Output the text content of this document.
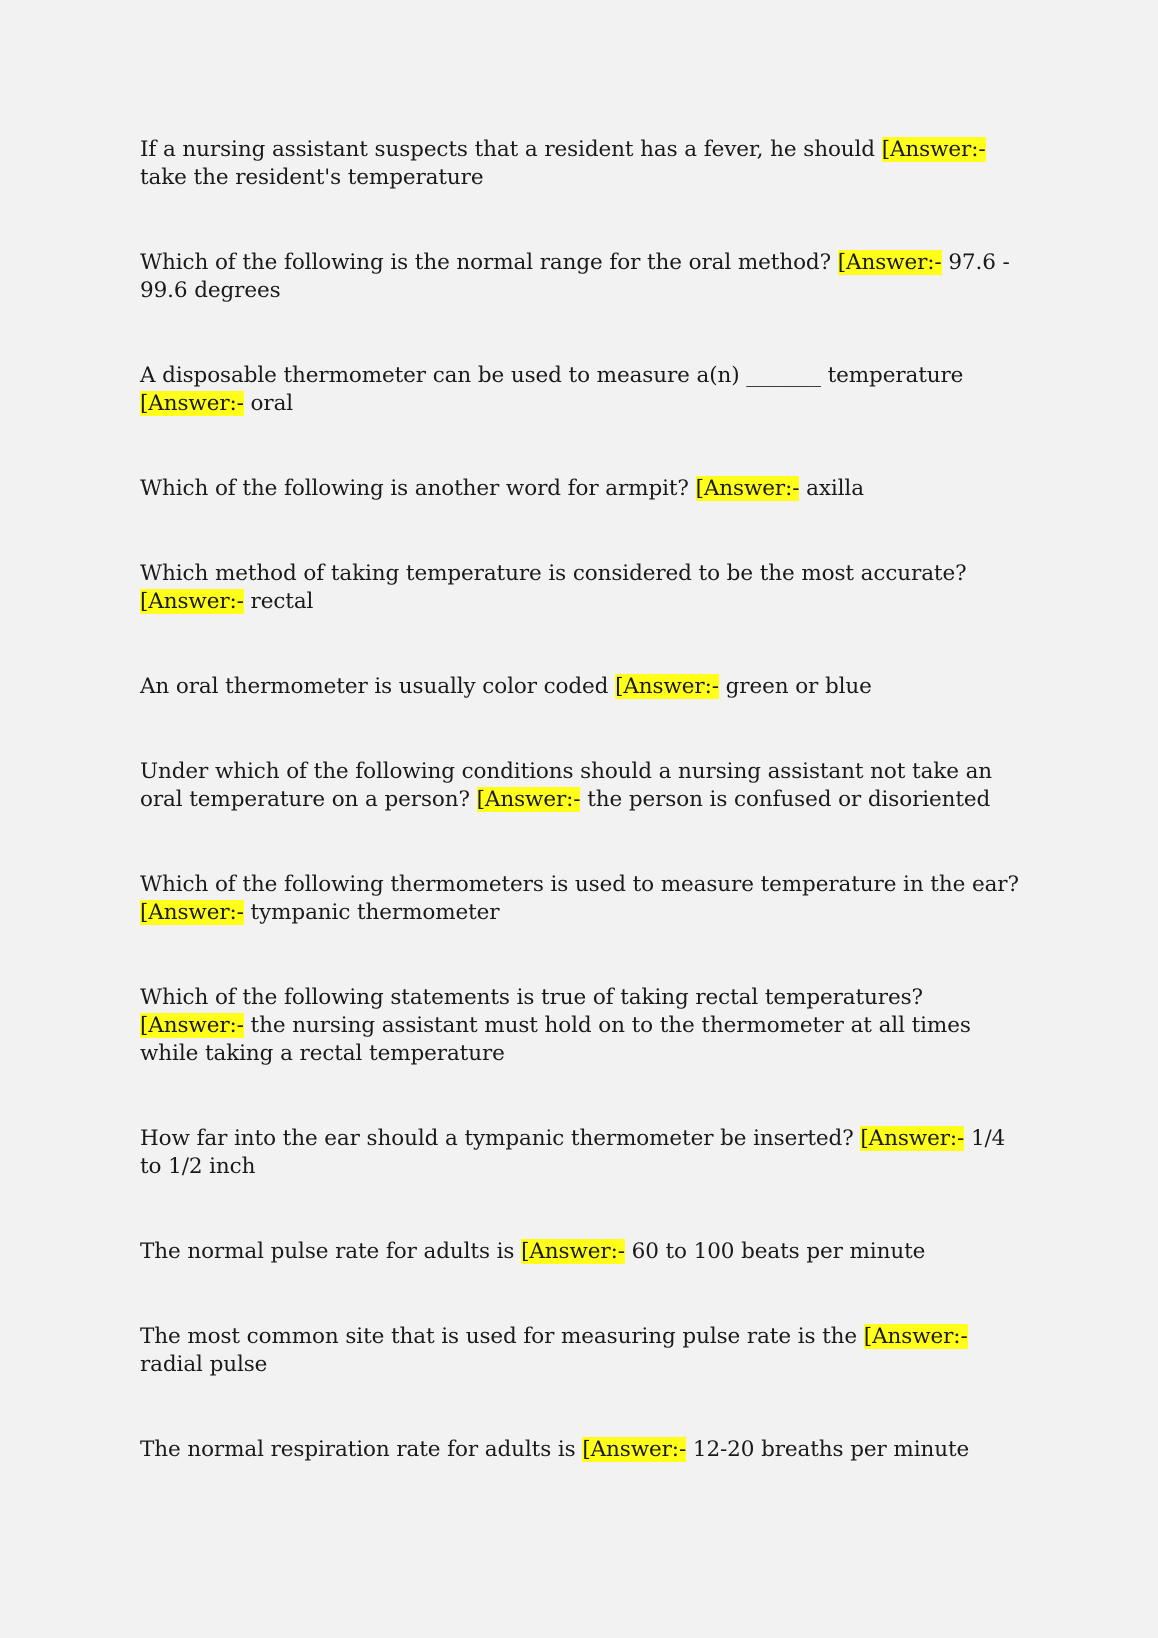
If a nursing assistant suspects that a resident has a fever, he should [Answer:- take the resident's temperature

Which of the following is the normal range for the oral method? [Answer:- 97.6 - 99.6 degrees

A disposable thermometer can be used to measure a(n) _______ temperature [Answer:- oral

Which of the following is another word for armpit? [Answer:- axilla

Which method of taking temperature is considered to be the most accurate? [Answer:- rectal

An oral thermometer is usually color coded [Answer:- green or blue

Under which of the following conditions should a nursing assistant not take an oral temperature on a person? [Answer:- the person is confused or disoriented

Which of the following thermometers is used to measure temperature in the ear? [Answer:- tympanic thermometer

Which of the following statements is true of taking rectal temperatures? [Answer:- the nursing assistant must hold on to the thermometer at all times while taking a rectal temperature

How far into the ear should a tympanic thermometer be inserted? [Answer:- 1/4 to 1/2 inch

The normal pulse rate for adults is [Answer:- 60 to 100 beats per minute

The most common site that is used for measuring pulse rate is the [Answer:- radial pulse

The normal respiration rate for adults is [Answer:- 12-20 breaths per minute
